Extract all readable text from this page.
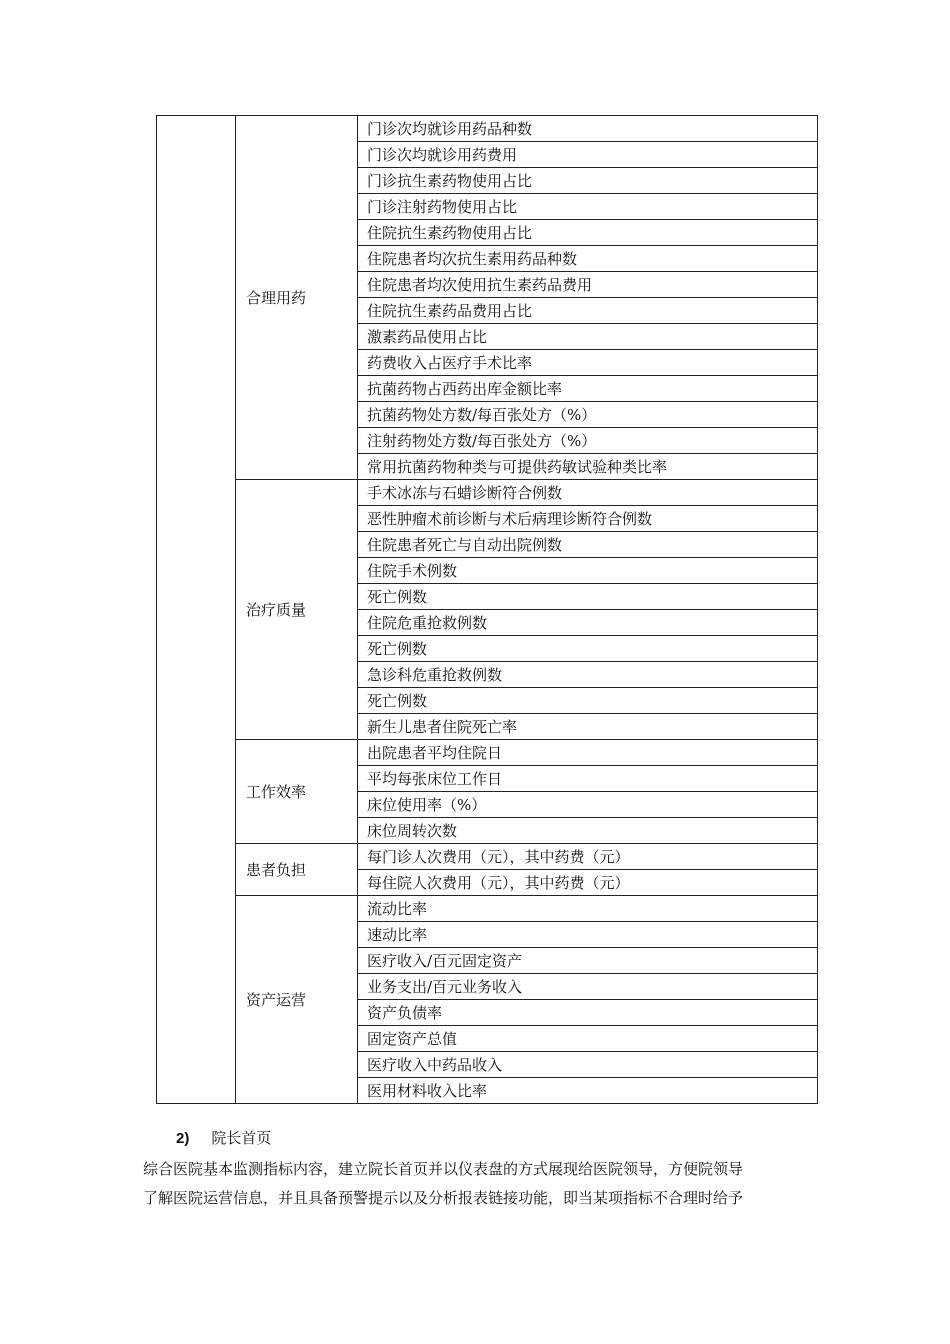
	合理用药	门诊次均就诊用药品种数
		门诊次均就诊用药费用
		门诊抗生素药物使用占比
		门诊注射药物使用占比
		住院抗生素药物使用占比
		住院患者均次抗生素用药品种数
		住院患者均次使用抗生素药品费用
		住院抗生素药品费用占比
		激素药品使用占比
		药费收入占医疗手术比率
		抗菌药物占西药出库金额比率
		抗菌药物处方数/每百张处方（%）
		注射药物处方数/每百张处方（%）
		常用抗菌药物种类与可提供药敏试验种类比率
	治疗质量	手术冰冻与石蜡诊断符合例数
		恶性肿瘤术前诊断与术后病理诊断符合例数
		住院患者死亡与自动出院例数
		住院手术例数
		死亡例数
		住院危重抢救例数
		死亡例数
		急诊科危重抢救例数
		死亡例数
		新生儿患者住院死亡率
	工作效率	出院患者平均住院日
		平均每张床位工作日
		床位使用率（%）
		床位周转次数
	患者负担	每门诊人次费用（元），其中药费（元）
		每住院人次费用（元），其中药费（元）
	资产运营	流动比率
		速动比率
		医疗收入/百元固定资产
		业务支出/百元业务收入
		资产负债率
		固定资产总值
		医疗收入中药品收入
		医用材料收入比率
2) 院长首页
综合医院基本监测指标内容，建立院长首页并以仪表盘的方式展现给医院领导，方便院领导
了解医院运营信息，并且具备预警提示以及分析报表链接功能，即当某项指标不合理时给予
